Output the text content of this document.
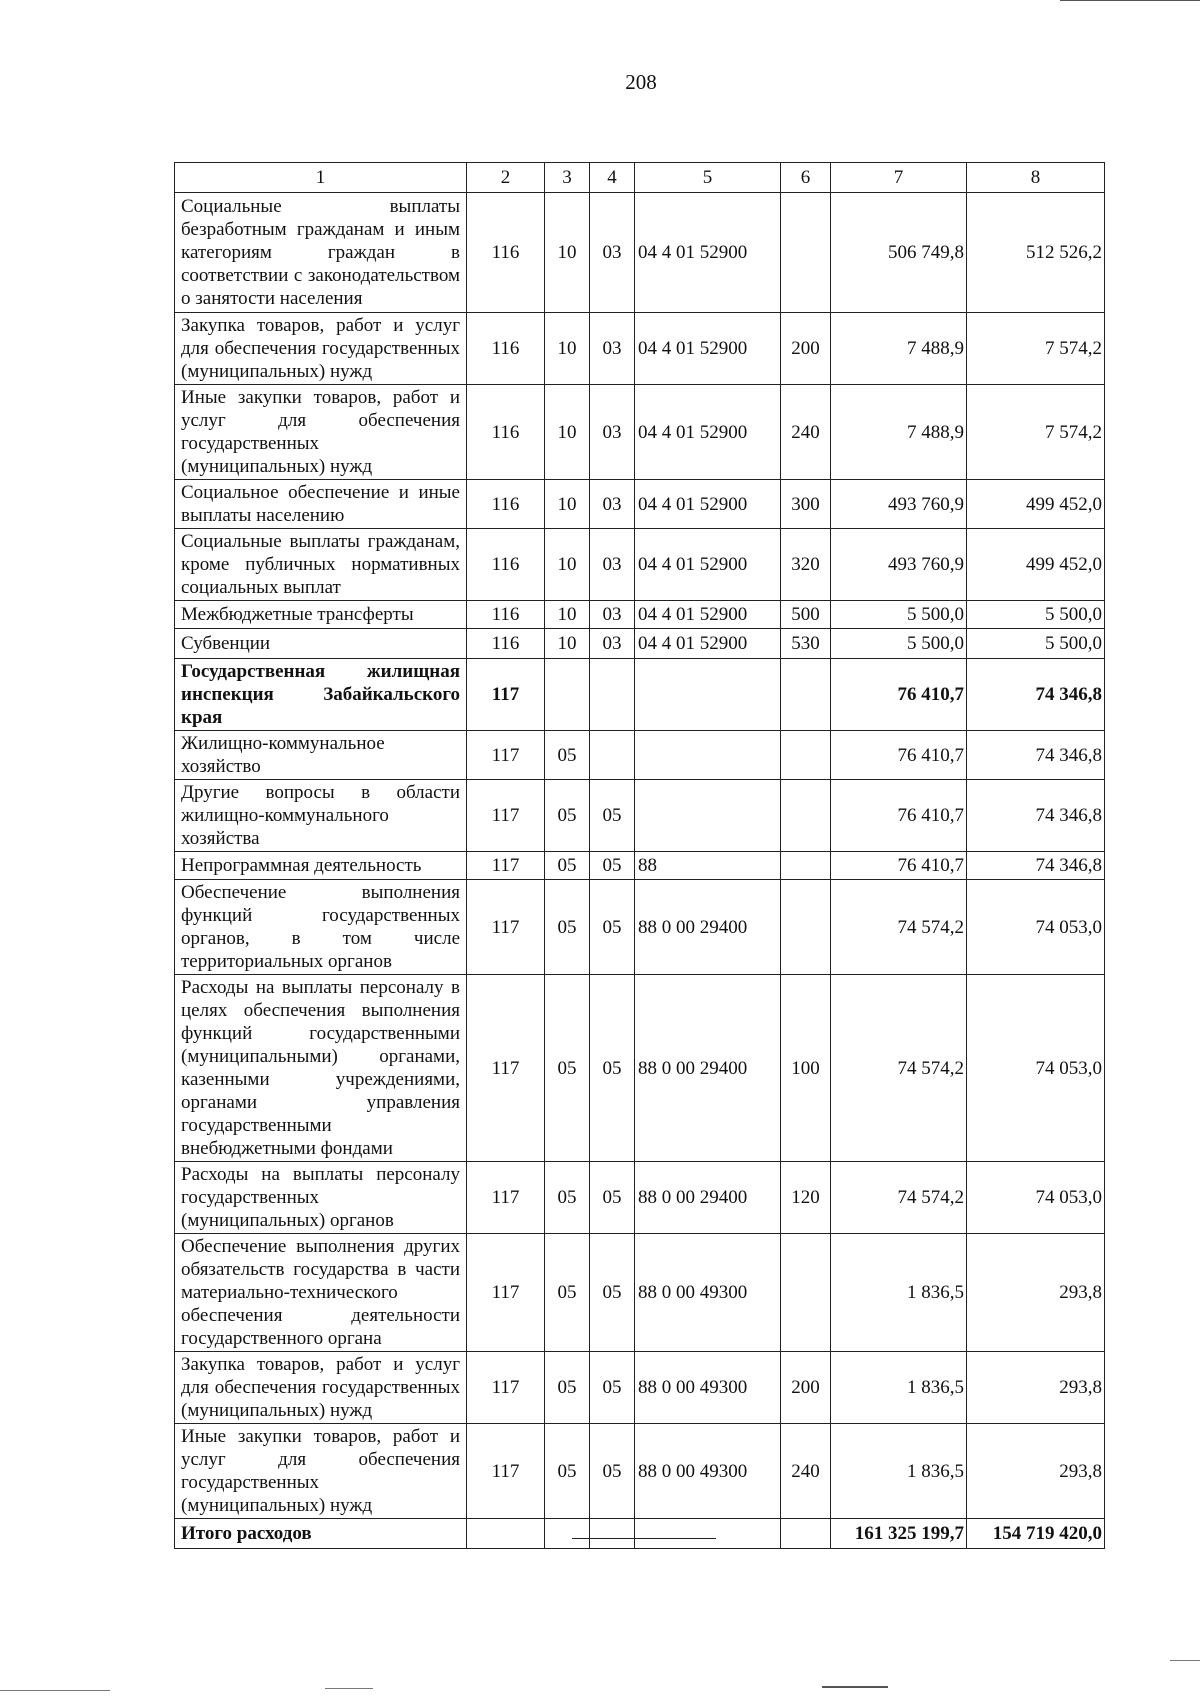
208
1	2	3	4	5	6	7	8
Социальные выплаты безработным гражданам и иным категориям граждан в соответствии с законодательством о занятости населения	116	10	03	04 4 01 52900		506 749,8	512 526,2
Закупка товаров, работ и услуг для обеспечения государственных (муниципальных) нужд	116	10	03	04 4 01 52900	200	7 488,9	7 574,2
Иные закупки товаров, работ и услуг для обеспечения государственных (муниципальных) нужд	116	10	03	04 4 01 52900	240	7 488,9	7 574,2
Социальное обеспечение и иные выплаты населению	116	10	03	04 4 01 52900	300	493 760,9	499 452,0
Социальные выплаты гражданам, кроме публичных нормативных социальных выплат	116	10	03	04 4 01 52900	320	493 760,9	499 452,0
Межбюджетные трансферты	116	10	03	04 4 01 52900	500	5 500,0	5 500,0
Субвенции	116	10	03	04 4 01 52900	530	5 500,0	5 500,0
Государственная жилищная инспекция Забайкальского края	117					76 410,7	74 346,8
Жилищно-коммунальное хозяйство	117	05				76 410,7	74 346,8
Другие вопросы в области жилищно-коммунального хозяйства	117	05	05			76 410,7	74 346,8
Непрограммная деятельность	117	05	05	88		76 410,7	74 346,8
Обеспечение выполнения функций государственных органов, в том числе территориальных органов	117	05	05	88 0 00 29400		74 574,2	74 053,0
Расходы на выплаты персоналу в целях обеспечения выполнения функций государственными (муниципальными) органами, казенными учреждениями, органами управления государственными внебюджетными фондами	117	05	05	88 0 00 29400	100	74 574,2	74 053,0
Расходы на выплаты персоналу государственных (муниципальных) органов	117	05	05	88 0 00 29400	120	74 574,2	74 053,0
Обеспечение выполнения других обязательств государства в части материально-технического обеспечения деятельности государственного органа	117	05	05	88 0 00 49300		1 836,5	293,8
Закупка товаров, работ и услуг для обеспечения государственных (муниципальных) нужд	117	05	05	88 0 00 49300	200	1 836,5	293,8
Иные закупки товаров, работ и услуг для обеспечения государственных (муниципальных) нужд	117	05	05	88 0 00 49300	240	1 836,5	293,8
Итого расходов						161 325 199,7	154 719 420,0
